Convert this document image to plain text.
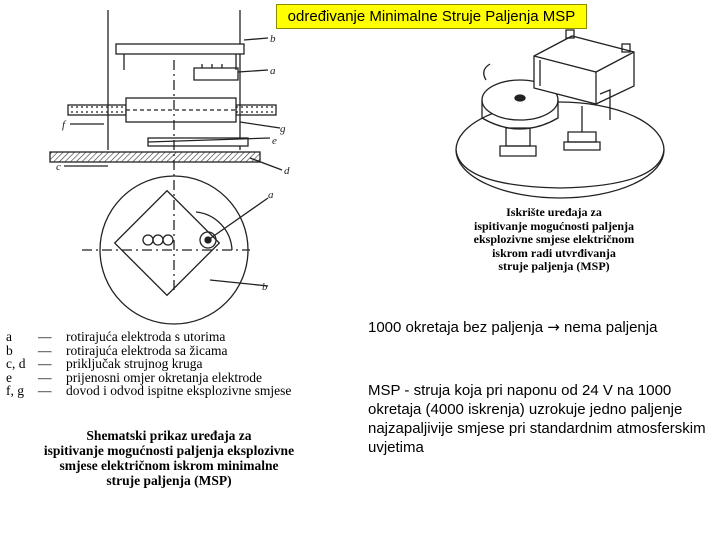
određivanje Minimalne Struje Paljenja MSP
b
a
f	g
e
c	d
a
b
a	—	rotirajuća elektroda s utorima
b	—	rotirajuća elektroda sa žicama
c, d —	priključak strujnog kruga
e	—	prijenosni omjer okretanja elektrode
f, g	—	dovod i odvod ispitne eksplozivne smjese
Shematski prikaz uređaja za
ispitivanje mogućnosti paljenja eksplozivne
smjese električnom iskrom minimalne
struje paljenja (MSP)
Iskrište uređaja za
ispitivanje mogućnosti paljenja
eksplozivne smjese električnom
iskrom radi utvrđivanja
struje paljenja (MSP)
1000 okretaja bez paljenja → nema paljenja
MSP - struja koja pri naponu od 24 V na 1000 okretaja (4000 iskrenja) uzrokuje jedno paljenje najzapaljivije smjese pri standardnim atmosferskim uvjetima
